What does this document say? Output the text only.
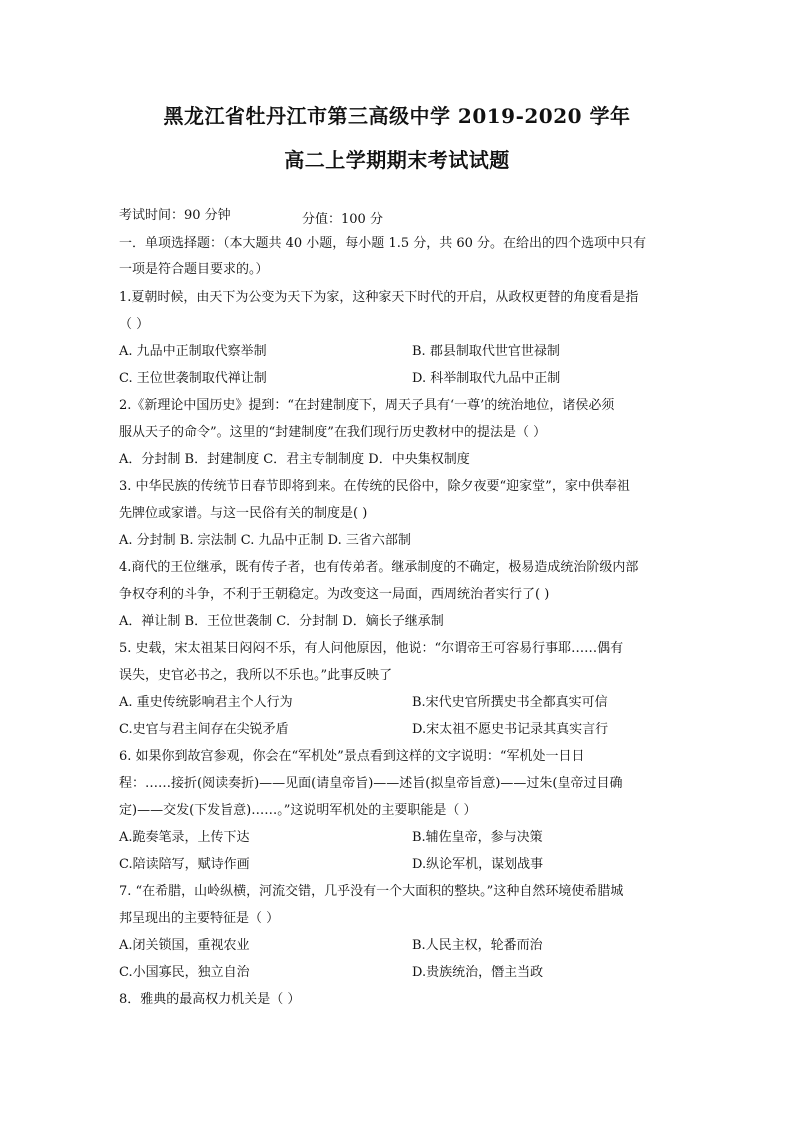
黑龙江省牡丹江市第三高级中学 2019-2020 学年
高二上学期期末考试试题
考试时间：90 分钟	分值：100 分
一．单项选择题：（本大题共 40 小题，每小题 1.5 分，共 60 分。在给出的四个选项中只有
一项是符合题目要求的。）
1.夏朝时候，由天下为公变为天下为家，这种家天下时代的开启，从政权更替的角度看是指
（ ）
A. 九品中正制取代察举制	B. 郡县制取代世官世禄制
C. 王位世袭制取代禅让制	D. 科举制取代九品中正制
2.《新理论中国历史》提到：“在封建制度下，周天子具有‘一尊’的统治地位，诸侯必须
服从天子的命令”。这里的“封建制度”在我们现行历史教材中的提法是（ ）
A．分封制 B．封建制度 C．君主专制制度 D．中央集权制度
3. 中华民族的传统节日春节即将到来。在传统的民俗中，除夕夜要“迎家堂”，家中供奉祖
先牌位或家谱。与这一民俗有关的制度是( )
A. 分封制 B. 宗法制 C. 九品中正制 D. 三省六部制
4.商代的王位继承，既有传子者，也有传弟者。继承制度的不确定，极易造成统治阶级内部
争权夺利的斗争，不利于王朝稳定。为改变这一局面，西周统治者实行了( )
A．禅让制 B．王位世袭制 C．分封制 D．嫡长子继承制
5. 史载，宋太祖某日闷闷不乐，有人问他原因，他说：“尔谓帝王可容易行事耶……偶有
误失，史官必书之，我所以不乐也。”此事反映了
A. 重史传统影响君主个人行为	B.宋代史官所撰史书全都真实可信
C.史官与君主间存在尖锐矛盾	D.宋太祖不愿史书记录其真实言行
6. 如果你到故宫参观，你会在“军机处”景点看到这样的文字说明：“军机处一日日
程：……接折(阅读奏折)——见面(请皇帝旨)——述旨(拟皇帝旨意)——过朱(皇帝过目确
定)——交发(下发旨意)……。”这说明军机处的主要职能是（ ）
A.跪奏笔录，上传下达	B.辅佐皇帝，参与决策
C.陪读陪写，赋诗作画	D.纵论军机，谋划战事
7. “在希腊，山岭纵横，河流交错，几乎没有一个大面积的整块。”这种自然环境使希腊城
邦呈现出的主要特征是（ ）
A.闭关锁国，重视农业	B.人民主权，轮番而治
C.小国寡民，独立自治	D.贵族统治，僭主当政
8．雅典的最高权力机关是（ ）
